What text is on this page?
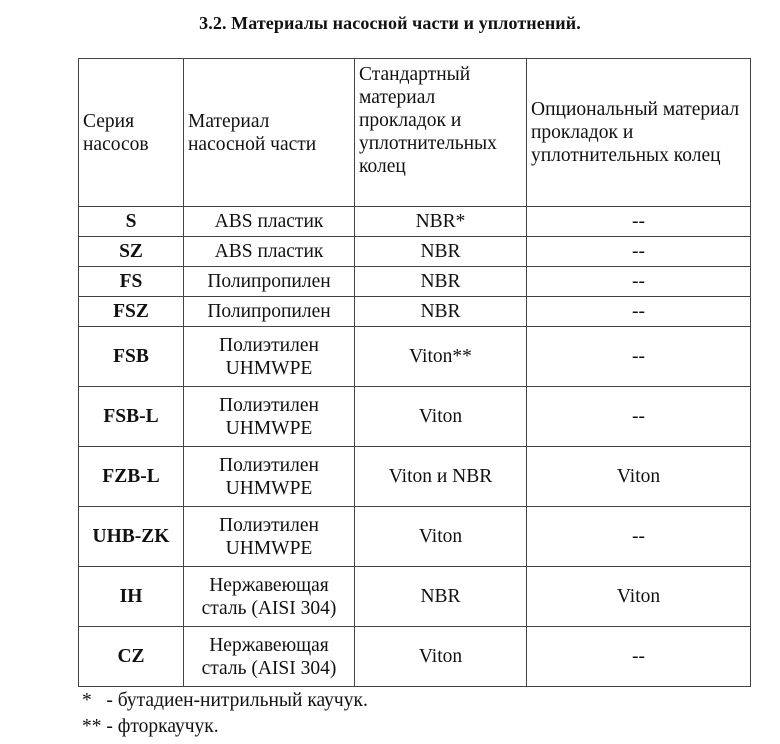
3.2. Материалы насосной части и уплотнений.
Серия насосов	Материал насосной части	Стандартный материал прокладок и уплотнительных колец	Опциональный материал прокладок и уплотнительных колец
S	ABS пластик	NBR*	--
SZ	ABS пластик	NBR	--
FS	Полипропилен	NBR	--
FSZ	Полипропилен	NBR	--
FSB	Полиэтилен UHMWPE	Viton**	--
FSB-L	Полиэтилен UHMWPE	Viton	--
FZB-L	Полиэтилен UHMWPE	Viton и NBR	Viton
UHB-ZK	Полиэтилен UHMWPE	Viton	--
IH	Нержавеющая сталь (AISI 304)	NBR	Viton
CZ	Нержавеющая сталь (AISI 304)	Viton	--
*   - бутадиен-нитрильный каучук.
** - фторкаучук.
